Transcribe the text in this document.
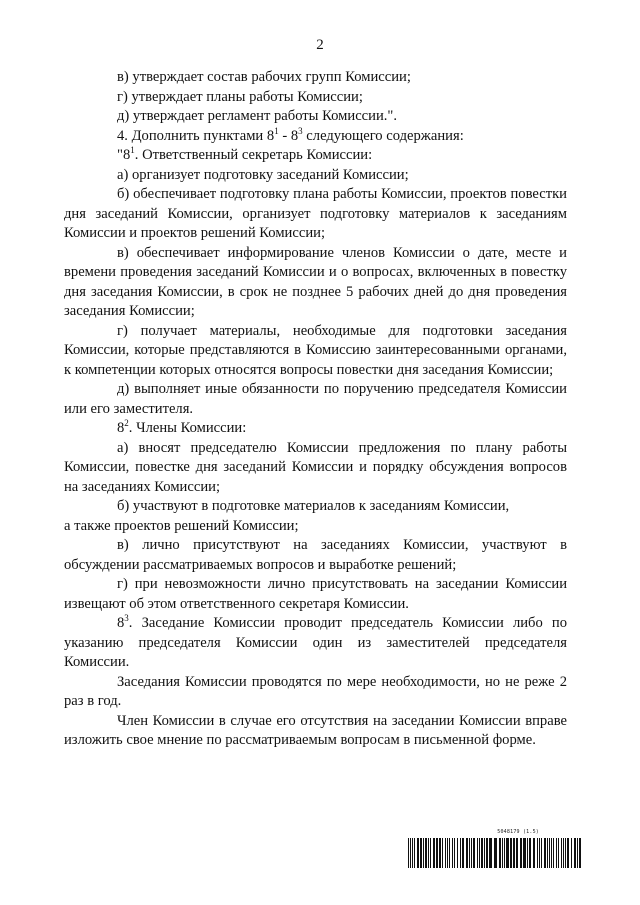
2

в) утверждает состав рабочих групп Комиссии;

г) утверждает планы работы Комиссии;

д) утверждает регламент работы Комиссии.".

4. Дополнить пунктами $8^1 - 8^3$ следующего содержания:

"$8^1$. Ответственный секретарь Комиссии:

а) организует подготовку заседаний Комиссии;

б) обеспечивает подготовку плана работы Комиссии, проектов повестки дня заседаний Комиссии, организует подготовку материалов к заседаниям Комиссии и проектов решений Комиссии;

в) обеспечивает информирование членов Комиссии о дате, месте и времени проведения заседаний Комиссии и о вопросах, включенных в повестку дня заседания Комиссии, в срок не позднее 5 рабочих дней до дня проведения заседания Комиссии;

г) получает материалы, необходимые для подготовки заседания Комиссии, которые представляются в Комиссию заинтересованными органами, к компетенции которых относятся вопросы повестки дня заседания Комиссии;

д) выполняет иные обязанности по поручению председателя Комиссии или его заместителя.

$8^2$. Члены Комиссии:

а) вносят председателю Комиссии предложения по плану работы Комиссии, повестке дня заседаний Комиссии и порядку обсуждения вопросов на заседаниях Комиссии;

б) участвуют в подготовке материалов к заседаниям Комиссии,

а также проектов решений Комиссии;

в) лично присутствуют на заседаниях Комиссии, участвуют в обсуждении рассматриваемых вопросов и выработке решений;

г) при невозможности лично присутствовать на заседании Комиссии извещают об этом ответственного секретаря Комиссии.

$8^3$. Заседание Комиссии проводит председатель Комиссии либо по указанию председателя Комиссии один из заместителей председателя Комиссии.

Заседания Комиссии проводятся по мере необходимости, но не реже 2 раз в год.

Член Комиссии в случае его отсутствия на заседании Комиссии вправе изложить свое мнение по рассматриваемым вопросам в письменной форме.

5048179 (1.5)
